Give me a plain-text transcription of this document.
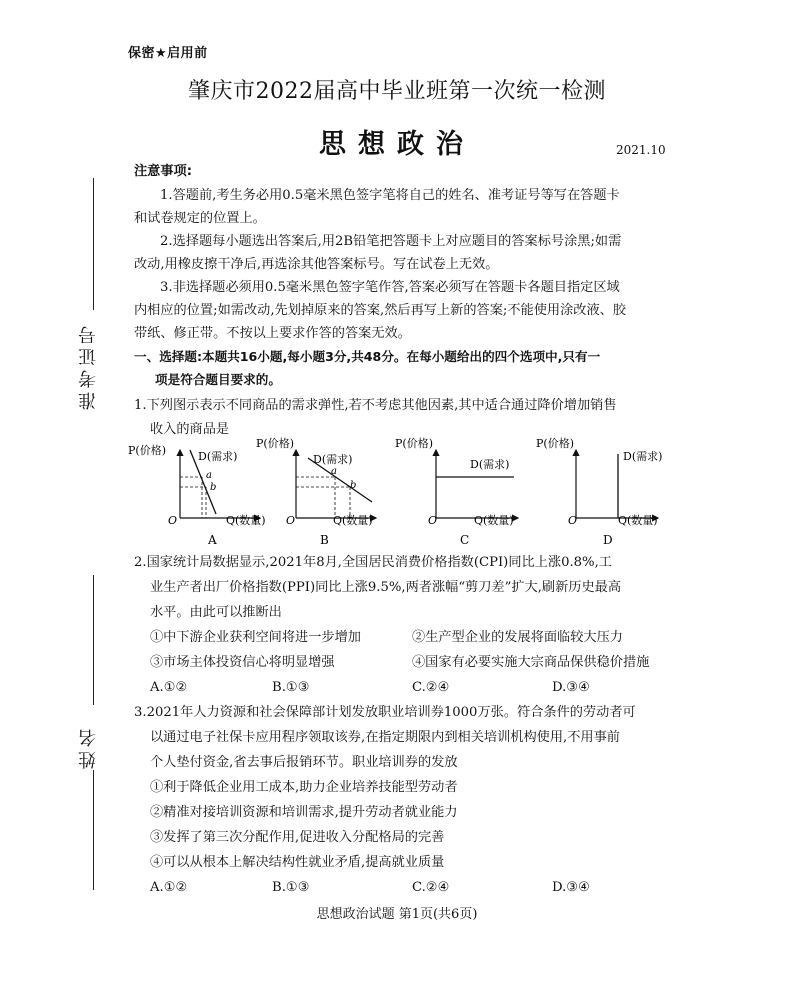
保密★启用前
肇庆市2022届高中毕业班第一次统一检测
思想政治	2021.10
准考证号
姓名
注意事项:
1.答题前,考生务必用0.5毫米黑色签字笔将自己的姓名、准考证号等写在答题卡
和试卷规定的位置上。
2.选择题每小题选出答案后,用2B铅笔把答题卡上对应题目的答案标号涂黑;如需
改动,用橡皮擦干净后,再选涂其他答案标号。写在试卷上无效。
3.非选择题必须用0.5毫米黑色签字笔作答,答案必须写在答题卡各题目指定区域
内相应的位置;如需改动,先划掉原来的答案,然后再写上新的答案;不能使用涂改液、胶
带纸、修正带。不按以上要求作答的答案无效。
一、选择题:本题共16小题,每小题3分,共48分。在每小题给出的四个选项中,只有一
项是符合题目要求的。
1.下列图示表示不同商品的需求弹性,若不考虑其他因素,其中适合通过降价增加销售
收入的商品是
P(价格)	D(需求)
a
b
O	Q(数量)
A
P(价格)
D(需求)
a
b
O	Q(数量)
B
P(价格)
D(需求)
O	Q(数量)
C
P(价格)
D(需求)
O	Q(数量)
D
2.国家统计局数据显示,2021年8月,全国居民消费价格指数(CPI)同比上涨0.8%,工
业生产者出厂价格指数(PPI)同比上涨9.5%,两者涨幅“剪刀差”扩大,刷新历史最高
水平。由此可以推断出
①中下游企业获利空间将进一步增加	②生产型企业的发展将面临较大压力
③市场主体投资信心将明显增强	④国家有必要实施大宗商品保供稳价措施
A.①②	B.①③	C.②④	D.③④
3.2021年人力资源和社会保障部计划发放职业培训券1000万张。符合条件的劳动者可
以通过电子社保卡应用程序领取该券,在指定期限内到相关培训机构使用,不用事前
个人垫付资金,省去事后报销环节。职业培训券的发放
①利于降低企业用工成本,助力企业培养技能型劳动者
②精准对接培训资源和培训需求,提升劳动者就业能力
③发挥了第三次分配作用,促进收入分配格局的完善
④可以从根本上解决结构性就业矛盾,提高就业质量
A.①②	B.①③	C.②④	D.③④
思想政治试题 第1页(共6页)
